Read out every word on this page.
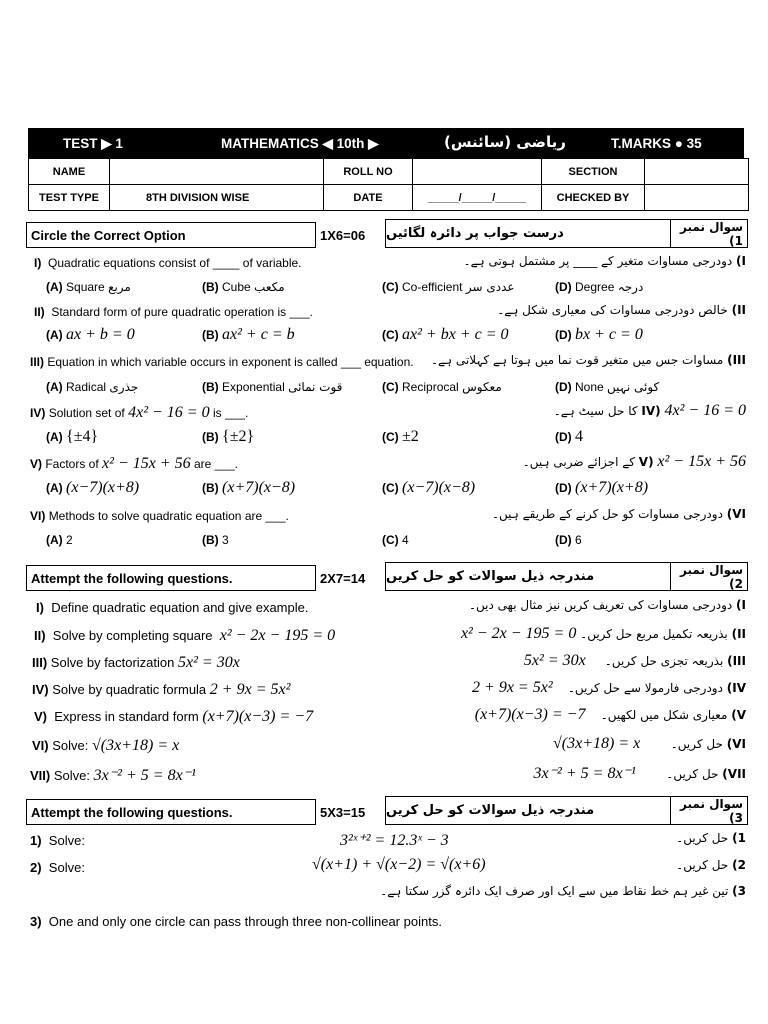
TEST ▶ 1	MATHEMATICS ◀ 10th ▶	ریاضی (سائنس)	T.MARKS ● 35
NAME	ROLL NO	SECTION
TEST TYPE	8TH DIVISION WISE	DATE	_____/_____/_____	CHECKED BY
Circle the Correct Option	1X6=06 درست جواب پر دائرہ لگائیں	سوال نمبر 1)
I) Quadratic equations consist of ____ of variable.	I) دودرجی مساوات متغیر کے ____ پر مشتمل ہوتی ہے۔
(A) Square مربع	(B) Cube مکعب	(C) Co-efficient عددی سر	(D) Degree درجہ
II) Standard form of pure quadratic operation is ___.	II) خالص دودرجی مساوات کی معیاری شکل ہے۔
(A) ax + b = 0	(B) ax² + c = b	(C) ax² + bx + c = 0	(D) bx + c = 0
III) Equation in which variable occurs in exponent is called ___ equation.	III) مساوات جس میں متغیر قوت نما میں ہوتا ہے کہلاتی ہے۔
(A) Radical جذری	(B) Exponential قوت نمائی	(C) Reciprocal معکوس	(D) None کوئی نہیں
IV) Solution set of 4x² − 16 = 0 is ___.	IV) 4x² − 16 = 0 کا حل سیٹ ہے۔
(A) {±4}	(B) {±2}	(C) ±2	(D) 4
V) Factors of x² − 15x + 56 are ___.	V) x² − 15x + 56 کے اجزائے ضربی ہیں۔
(A) (x−7)(x+8)	(B) (x+7)(x−8)	(C) (x−7)(x−8)	(D) (x+7)(x+8)
VI) Methods to solve quadratic equation are ___.	VI) دودرجی مساوات کو حل کرنے کے طریقے ہیں۔
(A) 2	(B) 3	(C) 4	(D) 6
Attempt the following questions.	2X7=14 مندرجہ ذیل سوالات کو حل کریں	سوال نمبر 2)
I) Define quadratic equation and give example.	I) دودرجی مساوات کی تعریف کریں نیز مثال بھی دیں۔
II) Solve by completing square x² − 2x − 195 = 0	II) بذریعہ تکمیل مربع حل کریں۔ x² − 2x − 195 = 0
III) Solve by factorization 5x² = 30x	III) بذریعہ تجزی حل کریں۔     5x² = 30x
IV) Solve by quadratic formula 2 + 9x = 5x²	IV) دودرجی فارمولا سے حل کریں۔    2 + 9x = 5x²
V) Express in standard form (x+7)(x−3) = −7	V) معیاری شکل میں لکھیں۔    (x+7)(x−3) = −7
VI) Solve: √(3x+18) = x	VI) حل کریں۔        √(3x+18) = x
VII) Solve: 3x⁻² + 5 = 8x⁻¹	VII) حل کریں۔        3x⁻² + 5 = 8x⁻¹
Attempt the following questions.	5X3=15 مندرجہ ذیل سوالات کو حل کریں	سوال نمبر 3)
1) Solve:	3²ˣ⁺² = 12.3ˣ − 3	1) حل کریں۔
2) Solve:	√(x+1) + √(x−2) = √(x+6)	2) حل کریں۔
3) تین غیر ہم خط نقاط میں سے ایک اور صرف ایک دائرہ گزر سکتا ہے۔
3) One and only one circle can pass through three non-collinear points.
